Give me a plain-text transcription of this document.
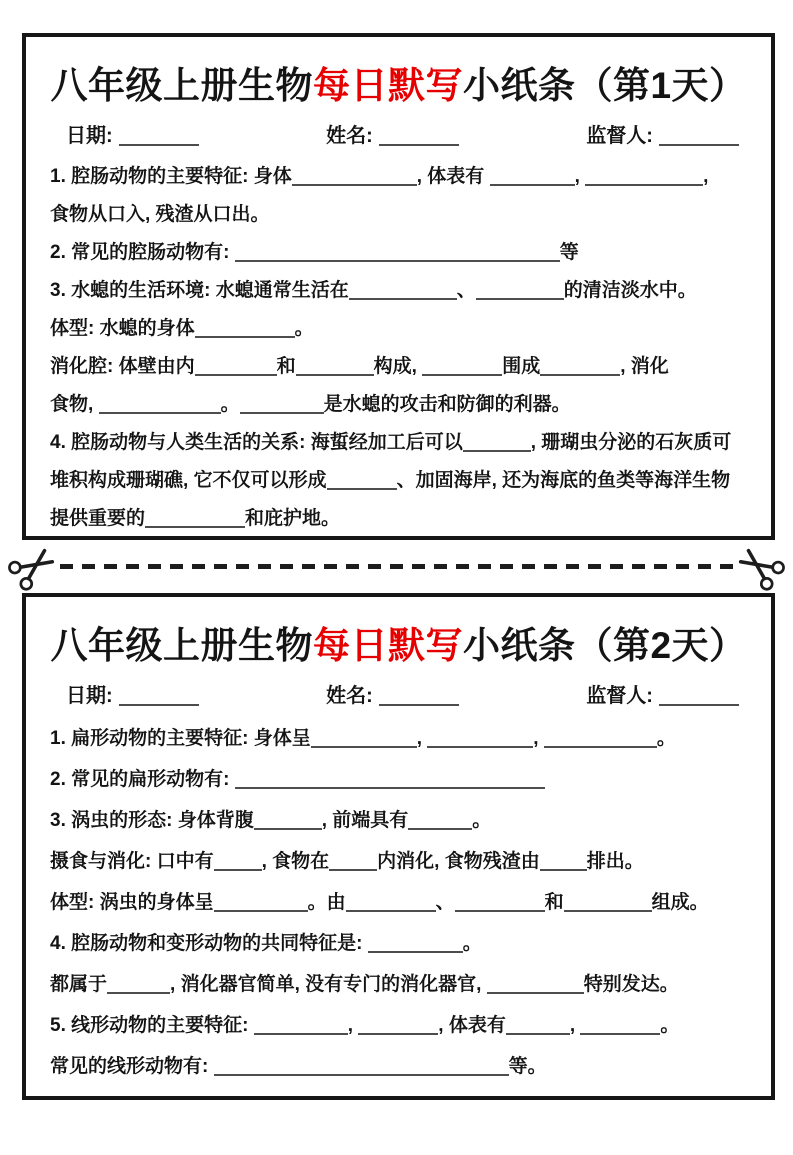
八年级上册生物每日默写小纸条（第1天）
日期:	姓名:	监督人:
1. 腔肠动物的主要特征: 身体	, 体表有	,	,
食物从口入, 残渣从口出。
2. 常见的腔肠动物有:	等
3. 水螅的生活环境: 水螅通常生活在	、	的清洁淡水中。
体型: 水螅的身体	。
消化腔: 体壁由内	和	构成,	围成	, 消化
食物,	。	是水螅的攻击和防御的利器。
4. 腔肠动物与人类生活的关系: 海蜇经加工后可以	, 珊瑚虫分泌的石灰质可
堆积构成珊瑚礁, 它不仅可以形成	、加固海岸, 还为海底的鱼类等海洋生物
提供重要的	和庇护地。
八年级上册生物每日默写小纸条（第2天）
日期:	姓名:	监督人:
1. 扁形动物的主要特征: 身体呈	,	,	。
2. 常见的扁形动物有:
3. 涡虫的形态: 身体背腹	, 前端具有	。
摄食与消化: 口中有	, 食物在	内消化, 食物残渣由 排出。
体型: 涡虫的身体呈	。由	、	和	组成。
4. 腔肠动物和变形动物的共同特征是:	。
都属于	, 消化器官简单, 没有专门的消化器官,	特别发达。
5. 线形动物的主要特征:	,	, 体表有	,	。
常见的线形动物有:	等。
